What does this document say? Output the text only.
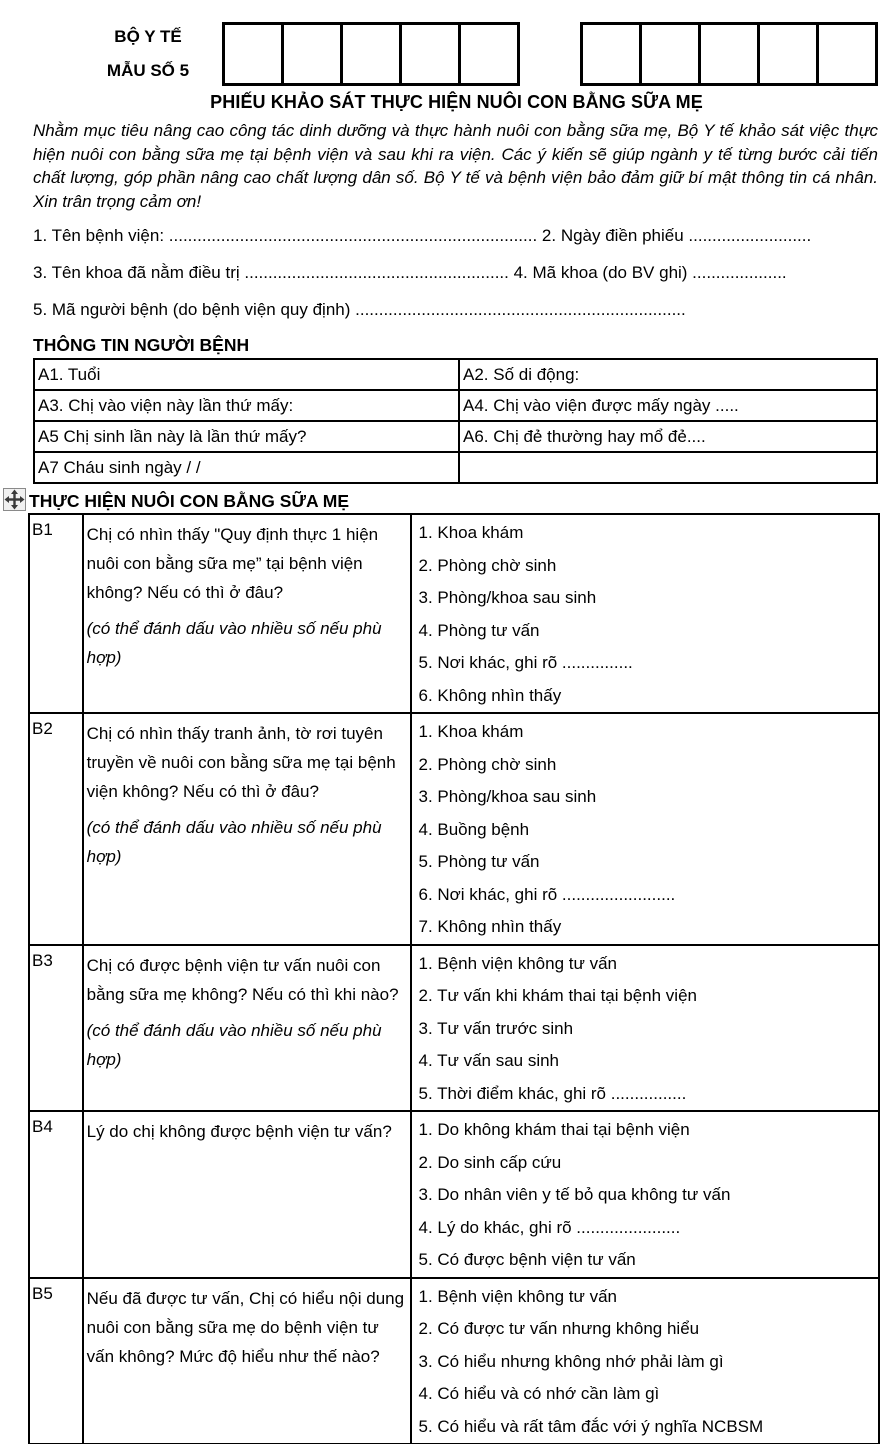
BỘ Y TẾ
MẪU SỐ 5
PHIẾU KHẢO SÁT THỰC HIỆN NUÔI CON BẰNG SỮA MẸ
Nhằm mục tiêu nâng cao công tác dinh dưỡng và thực hành nuôi con bằng sữa mẹ, Bộ Y tế khảo sát việc thực hiện nuôi con bằng sữa mẹ tại bệnh viện và sau khi ra viện. Các ý kiến sẽ giúp ngành y tế từng bước cải tiến chất lượng, góp phần nâng cao chất lượng dân số. Bộ Y tế và bệnh viện bảo đảm giữ bí mật thông tin cá nhân. Xin trân trọng cảm ơn!
1. Tên bệnh viện: .............................................................................. 2. Ngày điền phiếu ..........................
3. Tên khoa đã nằm điều trị ........................................................ 4. Mã khoa (do BV ghi) ....................
5. Mã người bệnh (do bệnh viện quy định) ......................................................................
THÔNG TIN NGƯỜI BỆNH
A1. Tuổi	A2. Số di động:
A3. Chị vào viện này lần thứ mấy:	A4. Chị vào viện được mấy ngày .....
A5 Chị sinh lần này là lần thứ mấy?	A6. Chị đẻ thường hay mổ đẻ....
A7 Cháu sinh ngày / /	
THỰC HIỆN NUÔI CON BẰNG SỮA MẸ
B1	Chị có nhìn thấy "Quy định thực 1 hiện nuôi con bằng sữa mẹ” tại bệnh viện không? Nếu có thì ở đâu?
(có thể đánh dấu vào nhiều số nếu phù hợp)

1. Khoa khám
2. Phòng chờ sinh
3. Phòng/khoa sau sinh
4. Phòng tư vấn
5. Nơi khác, ghi rõ ...............
6. Không nhìn thấy

B2	Chị có nhìn thấy tranh ảnh, tờ rơi tuyên truyền về nuôi con bằng sữa mẹ tại bệnh viện không? Nếu có thì ở đâu?
(có thể đánh dấu vào nhiều số nếu phù hợp)

1. Khoa khám
2. Phòng chờ sinh
3. Phòng/khoa sau sinh
4. Buồng bệnh
5. Phòng tư vấn
6. Nơi khác, ghi rõ ........................
7. Không nhìn thấy

B3	Chị có được bệnh viện tư vấn nuôi con bằng sữa mẹ không? Nếu có thì khi nào?
(có thể đánh dấu vào nhiều số nếu phù hợp)

1. Bệnh viện không tư vấn
2. Tư vấn khi khám thai tại bệnh viện
3. Tư vấn trước sinh
4. Tư vấn sau sinh
5. Thời điểm khác, ghi rõ ................

B4	Lý do chị không được bệnh viện tư vấn?	1. Do không khám thai tại bệnh viện
2. Do sinh cấp cứu
3. Do nhân viên y tế bỏ qua không tư vấn
4. Lý do khác, ghi rõ ......................
5. Có được bệnh viện tư vấn

B5	Nếu đã được tư vấn, Chị có hiểu nội dung nuôi con bằng sữa mẹ do bệnh viện tư vấn không? Mức độ hiểu như thế nào?	1. Bệnh viện không tư vấn
2. Có được tư vấn nhưng không hiểu
3. Có hiểu nhưng không nhớ phải làm gì
4. Có hiểu và có nhớ cần làm gì
5. Có hiểu và rất tâm đắc với ý nghĩa NCBSM
